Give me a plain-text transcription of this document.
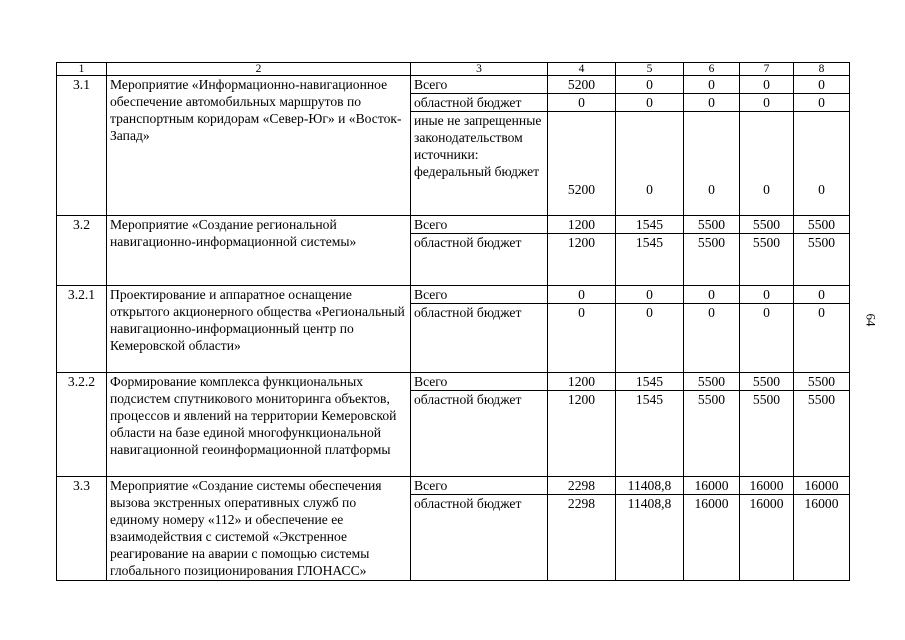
1	2	3	4	5	6	7	8
3.1	Мероприятие «Информационно-навигационное обеспечение автомобильных маршрутов по транспортным коридорам «Север-Юг» и «Восток-Запад»	Всего	5200	0	0	0	0
		областной бюджет	0	0	0	0	0
		иные не запрещенные законодательством источники: федеральный бюджет	5200	0	0	0	0
3.2	Мероприятие «Создание региональной навигационно-информационной системы»	Всего	1200	1545	5500	5500	5500
		областной бюджет	1200	1545	5500	5500	5500
3.2.1	Проектирование и аппаратное оснащение открытого акционерного общества «Региональный навигационно-информационный центр по Кемеровской области»	Всего	0	0	0	0	0
		областной бюджет	0	0	0	0	0
3.2.2	Формирование комплекса функциональных подсистем спутникового мониторинга объектов, процессов и явлений на территории Кемеровской области на базе единой многофункциональной навигационной геоинформационной платформы	Всего	1200	1545	5500	5500	5500
		областной бюджет	1200	1545	5500	5500	5500
3.3	Мероприятие «Создание системы обеспечения вызова экстренных оперативных служб по единому номеру «112» и обеспечение ее взаимодействия с системой «Экстренное реагирование на аварии с помощью системы глобального позиционирования ГЛОНАСС»	Всего	2298	11408,8	16000	16000	16000
		областной бюджет	2298	11408,8	16000	16000	16000
64
